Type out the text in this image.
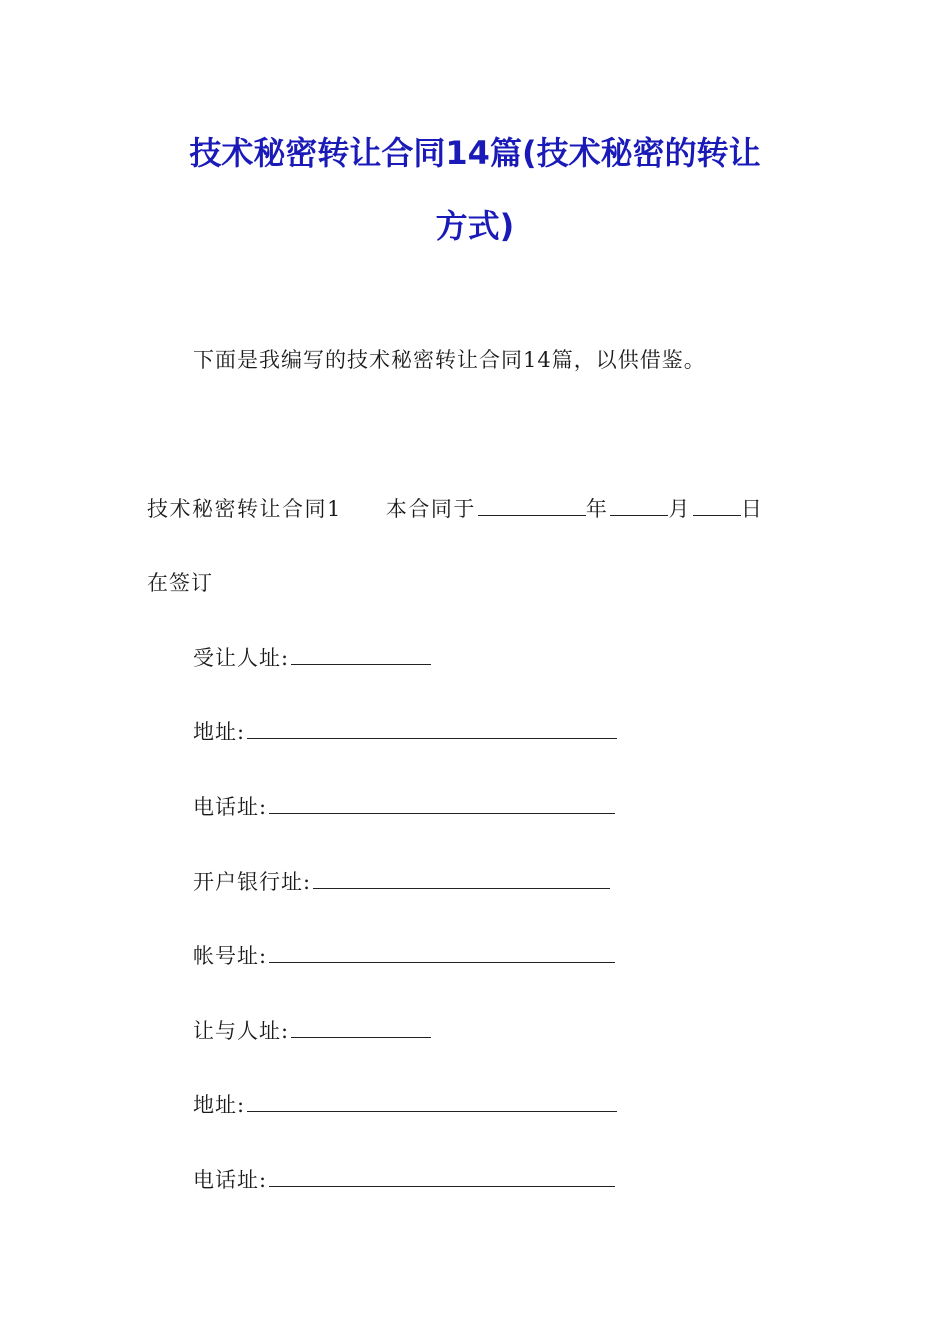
技术秘密转让合同14篇(技术秘密的转让
方式)
下面是我编写的技术秘密转让合同14篇，以供借鉴。
技术秘密转让合同1 本合同于	年	月 日
在签订
受让人址:
地址:
电话址:
开户银行址:
帐号址:
让与人址:
地址:
电话址:
